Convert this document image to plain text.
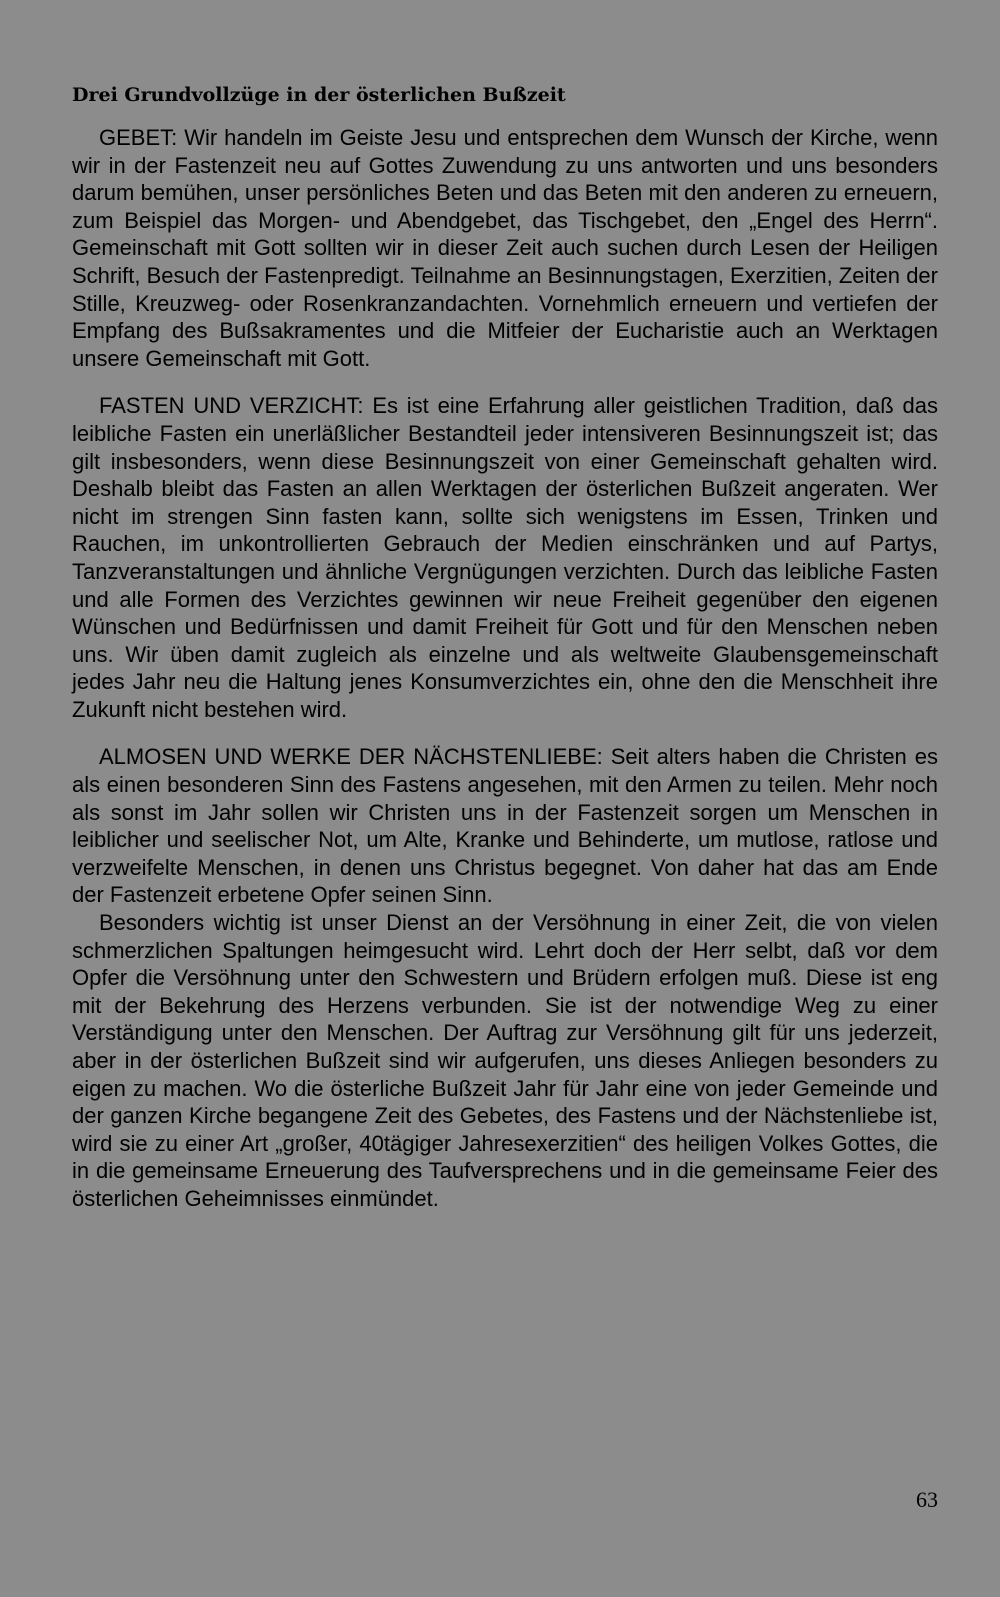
Drei Grundvollzüge in der österlichen Bußzeit

GEBET: Wir handeln im Geiste Jesu und entsprechen dem Wunsch der Kirche, wenn wir in der Fastenzeit neu auf Gottes Zuwendung zu uns antworten und uns besonders darum bemühen, unser persönliches Beten und das Beten mit den anderen zu erneuern, zum Beispiel das Morgen- und Abendgebet, das Tischgebet, den „Engel des Herrn“. Gemeinschaft mit Gott sollten wir in dieser Zeit auch suchen durch Lesen der Heiligen Schrift, Besuch der Fastenpredigt. Teilnahme an Besinnungstagen, Exerzitien, Zeiten der Stille, Kreuzweg- oder Rosenkranzandachten. Vornehmlich erneuern und vertiefen der Empfang des Bußsakramentes und die Mitfeier der Eucharistie auch an Werktagen unsere Gemeinschaft mit Gott.

FASTEN UND VERZICHT: Es ist eine Erfahrung aller geistlichen Tradition, daß das leibliche Fasten ein unerläßlicher Bestandteil jeder intensiveren Besinnungszeit ist; das gilt insbesonders, wenn diese Besinnungszeit von einer Gemeinschaft gehalten wird. Deshalb bleibt das Fasten an allen Werktagen der österlichen Bußzeit angeraten. Wer nicht im strengen Sinn fasten kann, sollte sich wenigstens im Essen, Trinken und Rauchen, im unkontrollierten Gebrauch der Medien einschränken und auf Partys, Tanzveranstaltungen und ähnliche Vergnügungen verzichten. Durch das leibliche Fasten und alle Formen des Verzichtes gewinnen wir neue Freiheit gegenüber den eigenen Wünschen und Bedürfnissen und damit Freiheit für Gott und für den Menschen neben uns. Wir üben damit zugleich als einzelne und als weltweite Glaubensgemeinschaft jedes Jahr neu die Haltung jenes Konsumverzichtes ein, ohne den die Menschheit ihre Zukunft nicht bestehen wird.

ALMOSEN UND WERKE DER NÄCHSTENLIEBE: Seit alters haben die Christen es als einen besonderen Sinn des Fastens angesehen, mit den Armen zu teilen. Mehr noch als sonst im Jahr sollen wir Christen uns in der Fastenzeit sorgen um Menschen in leiblicher und seelischer Not, um Alte, Kranke und Behinderte, um mutlose, ratlose und verzweifelte Menschen, in denen uns Christus begegnet. Von daher hat das am Ende der Fastenzeit erbetene Opfer seinen Sinn.

Besonders wichtig ist unser Dienst an der Versöhnung in einer Zeit, die von vielen schmerzlichen Spaltungen heimgesucht wird. Lehrt doch der Herr selbt, daß vor dem Opfer die Versöhnung unter den Schwestern und Brüdern erfolgen muß. Diese ist eng mit der Bekehrung des Herzens verbunden. Sie ist der notwendige Weg zu einer Verständigung unter den Menschen. Der Auftrag zur Versöhnung gilt für uns jederzeit, aber in der österlichen Bußzeit sind wir aufgerufen, uns dieses Anliegen besonders zu eigen zu machen. Wo die österliche Bußzeit Jahr für Jahr eine von jeder Gemeinde und der ganzen Kirche begangene Zeit des Gebetes, des Fastens und der Nächstenliebe ist, wird sie zu einer Art „großer, 40tägiger Jahresexerzitien“ des heiligen Volkes Gottes, die in die gemeinsame Erneuerung des Taufversprechens und in die gemeinsame Feier des österlichen Geheimnisses einmündet.

63
